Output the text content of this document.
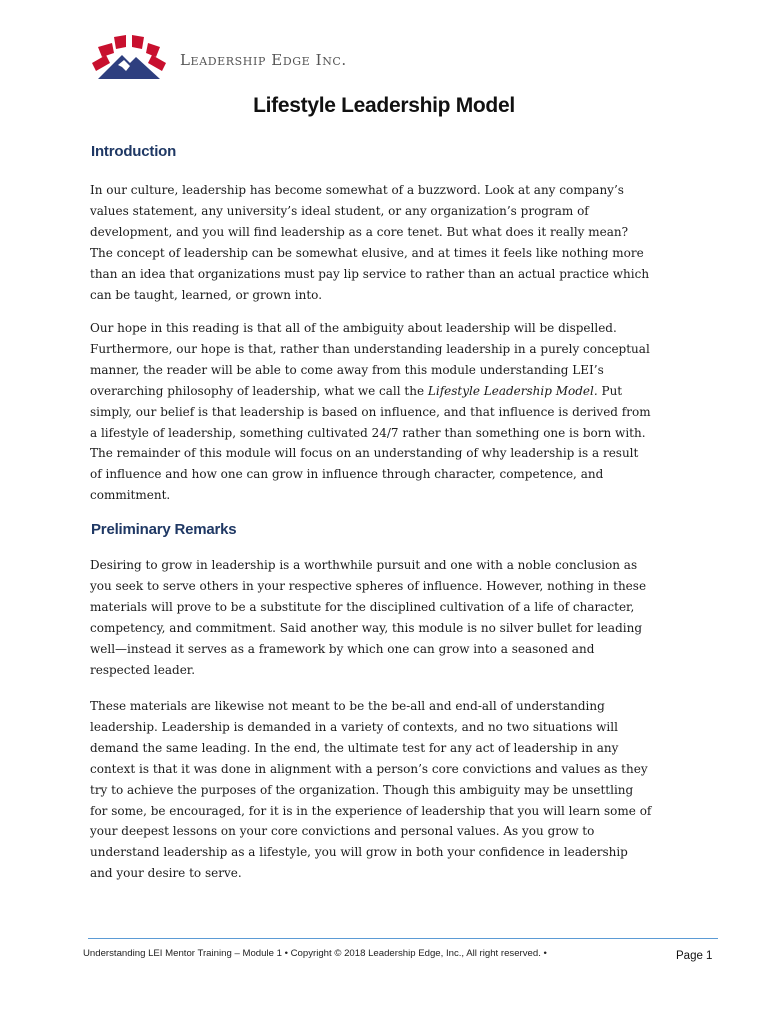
Leadership Edge Inc.
Lifestyle Leadership Model
Introduction

In our culture, leadership has become somewhat of a buzzword. Look at any company’s
values statement, any university’s ideal student, or any organization’s program of
development, and you will find leadership as a core tenet. But what does it really mean?
The concept of leadership can be somewhat elusive, and at times it feels like nothing more
than an idea that organizations must pay lip service to rather than an actual practice which
can be taught, learned, or grown into.

Our hope in this reading is that all of the ambiguity about leadership will be dispelled.
Furthermore, our hope is that, rather than understanding leadership in a purely conceptual
manner, the reader will be able to come away from this module understanding LEI’s
overarching philosophy of leadership, what we call the Lifestyle Leadership Model. Put
simply, our belief is that leadership is based on influence, and that influence is derived from
a lifestyle of leadership, something cultivated 24/7 rather than something one is born with.
The remainder of this module will focus on an understanding of why leadership is a result
of influence and how one can grow in influence through character, competence, and
commitment.

Preliminary Remarks

Desiring to grow in leadership is a worthwhile pursuit and one with a noble conclusion as
you seek to serve others in your respective spheres of influence. However, nothing in these
materials will prove to be a substitute for the disciplined cultivation of a life of character,
competency, and commitment. Said another way, this module is no silver bullet for leading
well—instead it serves as a framework by which one can grow into a seasoned and
respected leader.

These materials are likewise not meant to be the be-all and end-all of understanding
leadership. Leadership is demanded in a variety of contexts, and no two situations will
demand the same leading. In the end, the ultimate test for any act of leadership in any
context is that it was done in alignment with a person’s core convictions and values as they
try to achieve the purposes of the organization. Though this ambiguity may be unsettling
for some, be encouraged, for it is in the experience of leadership that you will learn some of
your deepest lessons on your core convictions and personal values. As you grow to
understand leadership as a lifestyle, you will grow in both your confidence in leadership
and your desire to serve.

Understanding LEI Mentor Training – Module 1 • Copyright © 2018 Leadership Edge, Inc., All right reserved. •	Page 1
